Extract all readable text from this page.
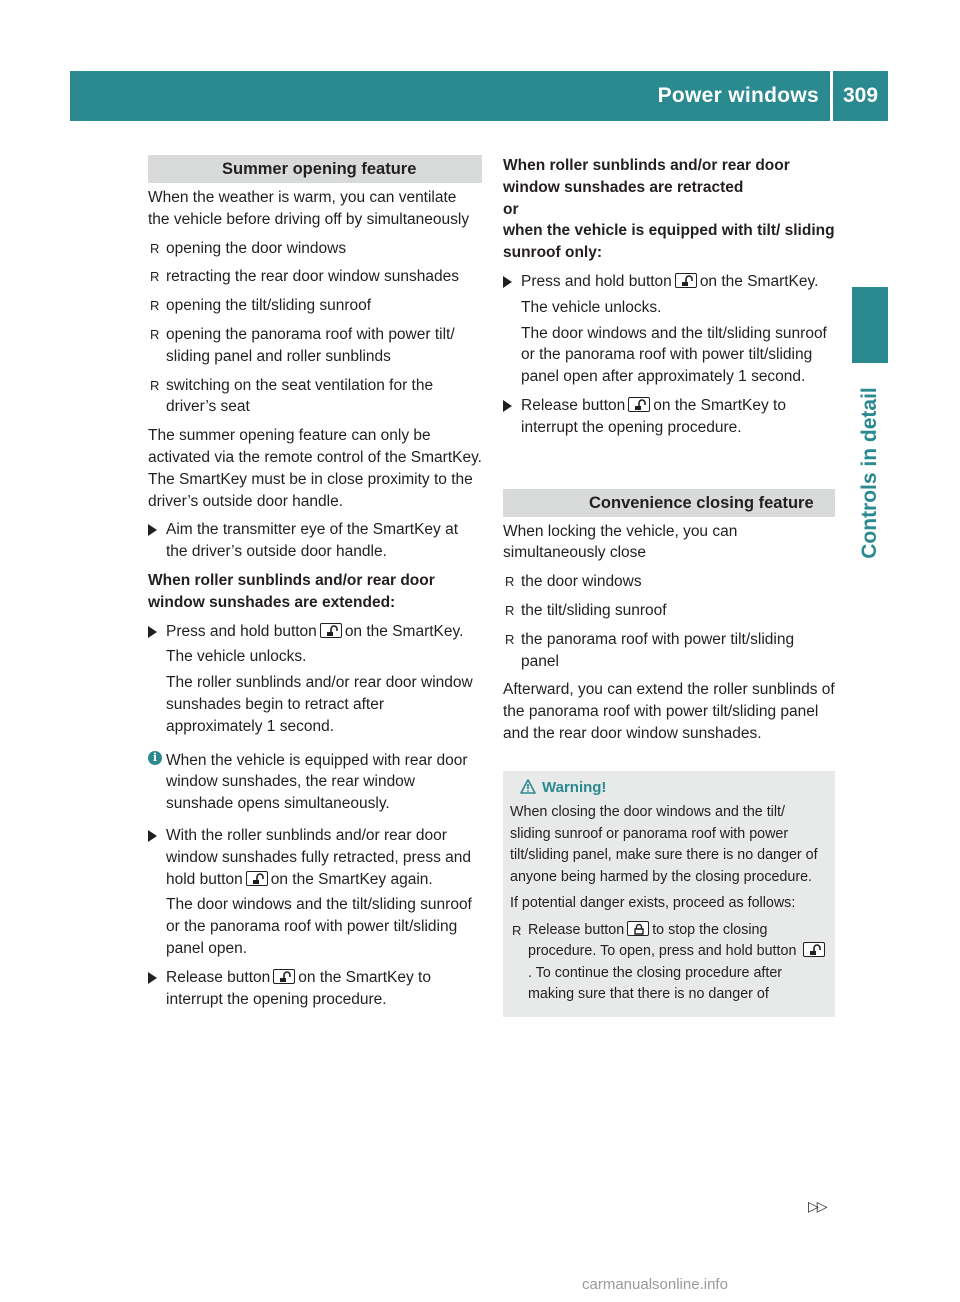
Power windows	309
Controls in detail
Summer opening feature
When the weather is warm, you can ventilate the vehicle before driving off by simultaneously
R opening the door windows
R retracting the rear door window sunshades
R opening the tilt/sliding sunroof
R opening the panorama roof with power tilt/ sliding panel and roller sunblinds
R switching on the seat ventilation for the driver’s seat
The summer opening feature can only be activated via the remote control of the SmartKey. The SmartKey must be in close proximity to the driver’s outside door handle.
Aim the transmitter eye of the SmartKey at the driver’s outside door handle.
When roller sunblinds and/or rear door window sunshades are extended:
Press and hold button on the SmartKey.
The vehicle unlocks.
The roller sunblinds and/or rear door window sunshades begin to retract after approximately 1 second.
i When the vehicle is equipped with rear door window sunshades, the rear window sunshade opens simultaneously.
With the roller sunblinds and/or rear door window sunshades fully retracted, press and hold button on the SmartKey again.
The door windows and the tilt/sliding sunroof or the panorama roof with power tilt/sliding panel open.
Release button on the SmartKey to interrupt the opening procedure.
When roller sunblinds and/or rear door window sunshades are retracted
or
when the vehicle is equipped with tilt/ sliding sunroof only:
Press and hold button on the SmartKey.
The vehicle unlocks.
The door windows and the tilt/sliding sunroof or the panorama roof with power tilt/sliding panel open after approximately 1 second.
Release button on the SmartKey to interrupt the opening procedure.
Convenience closing feature
When locking the vehicle, you can simultaneously close
R the door windows
R the tilt/sliding sunroof
R the panorama roof with power tilt/sliding panel
Afterward, you can extend the roller sunblinds of the panorama roof with power tilt/sliding panel and the rear door window sunshades.
Warning!
When closing the door windows and the tilt/ sliding sunroof or panorama roof with power tilt/sliding panel, make sure there is no danger of anyone being harmed by the closing procedure.
If potential danger exists, proceed as follows:
R Release button to stop the closing procedure. To open, press and hold button
. To continue the closing procedure after making sure that there is no danger of
▷▷
carmanualsonline.info
